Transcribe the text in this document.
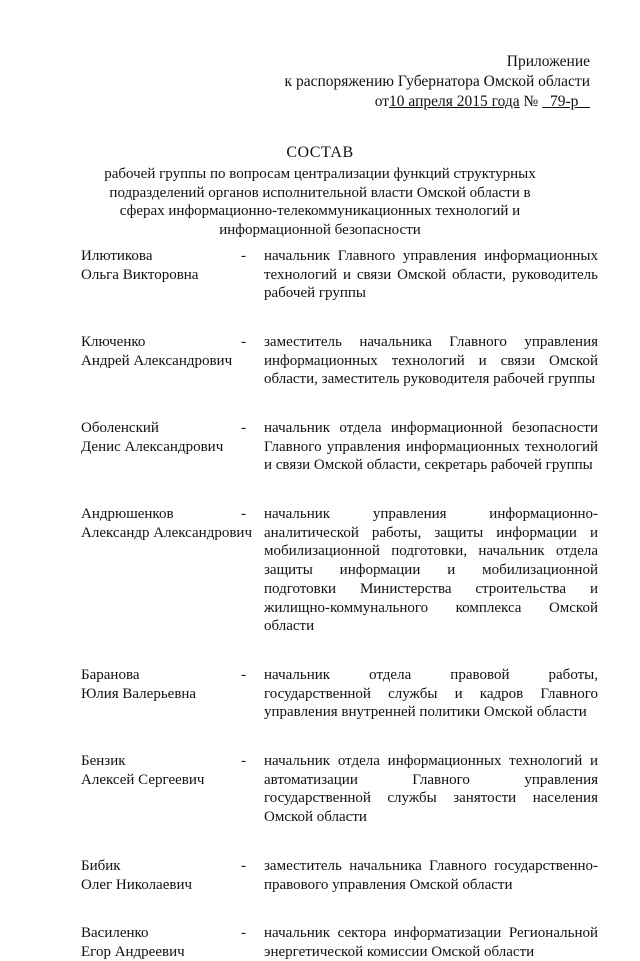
Приложение
к распоряжению Губернатора Омской области
от10 апреля 2015 года №   79-р
СОСТАВ
рабочей группы по вопросам централизации функций структурных подразделений органов исполнительной власти Омской области в сферах информационно-телекоммуникационных технологий и информационной безопасности
Илютикова
Ольга Викторовна
-	начальник Главного управления информационных технологий и связи Омской области, руководитель рабочей группы
Ключенко
Андрей Александрович
-	заместитель начальника Главного управления информационных технологий и связи Омской области, заместитель руководителя рабочей группы
Оболенский
Денис Александрович
-	начальник отдела информационной безопасности Главного управления информационных технологий и связи Омской области, секретарь рабочей группы
Андрюшенков
Александр Александрович
-	начальник управления информационно-аналитической работы, защиты информации и мобилизационной подготовки, начальник отдела защиты информации и мобилизационной подготовки Министерства строительства и жилищно-коммунального комплекса Омской области
Баранова
Юлия Валерьевна
-	начальник отдела правовой работы, государственной службы и кадров Главного управления внутренней политики Омской области
Бензик
Алексей Сергеевич
-	начальник отдела информационных технологий и автоматизации Главного управления государственной службы занятости населения Омской области
Бибик
Олег Николаевич
-	заместитель начальника Главного государственно-правового управления Омской области
Василенко
Егор Андреевич
-	начальник сектора информатизации Региональной энергетической комиссии Омской области
